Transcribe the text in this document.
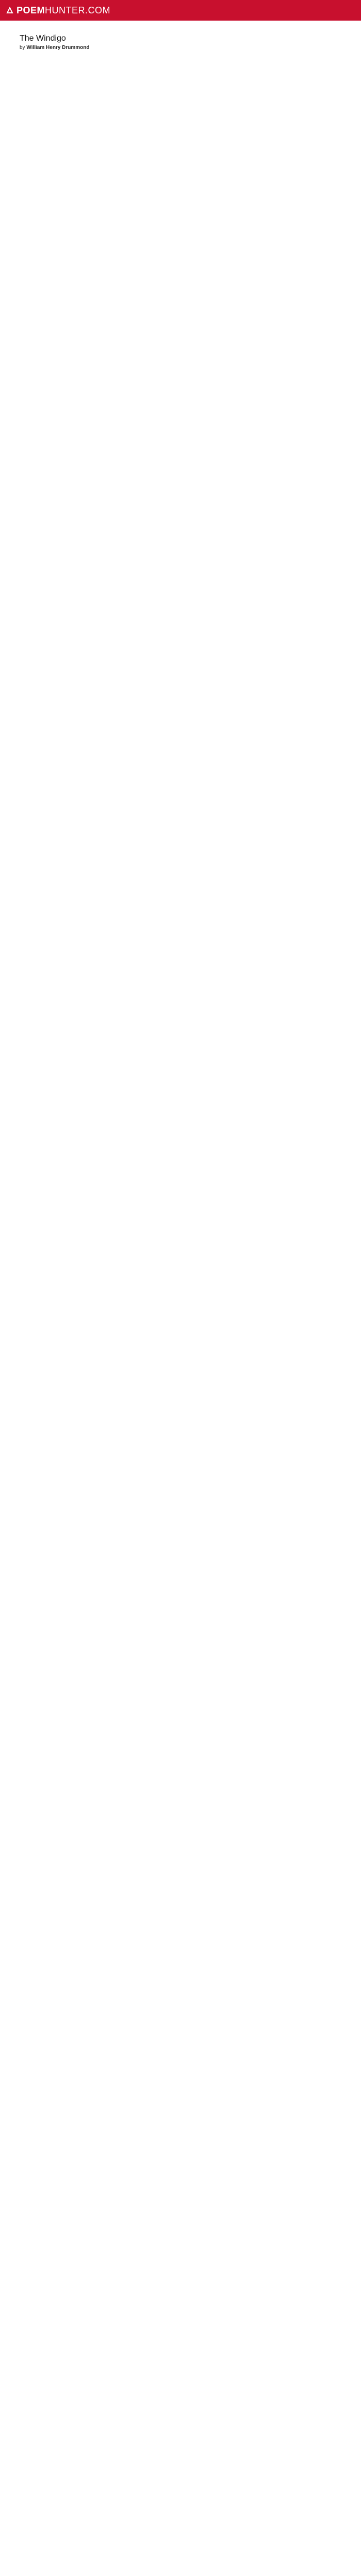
POEMHUNTER.COM
The Windigo
by William Henry Drummond
